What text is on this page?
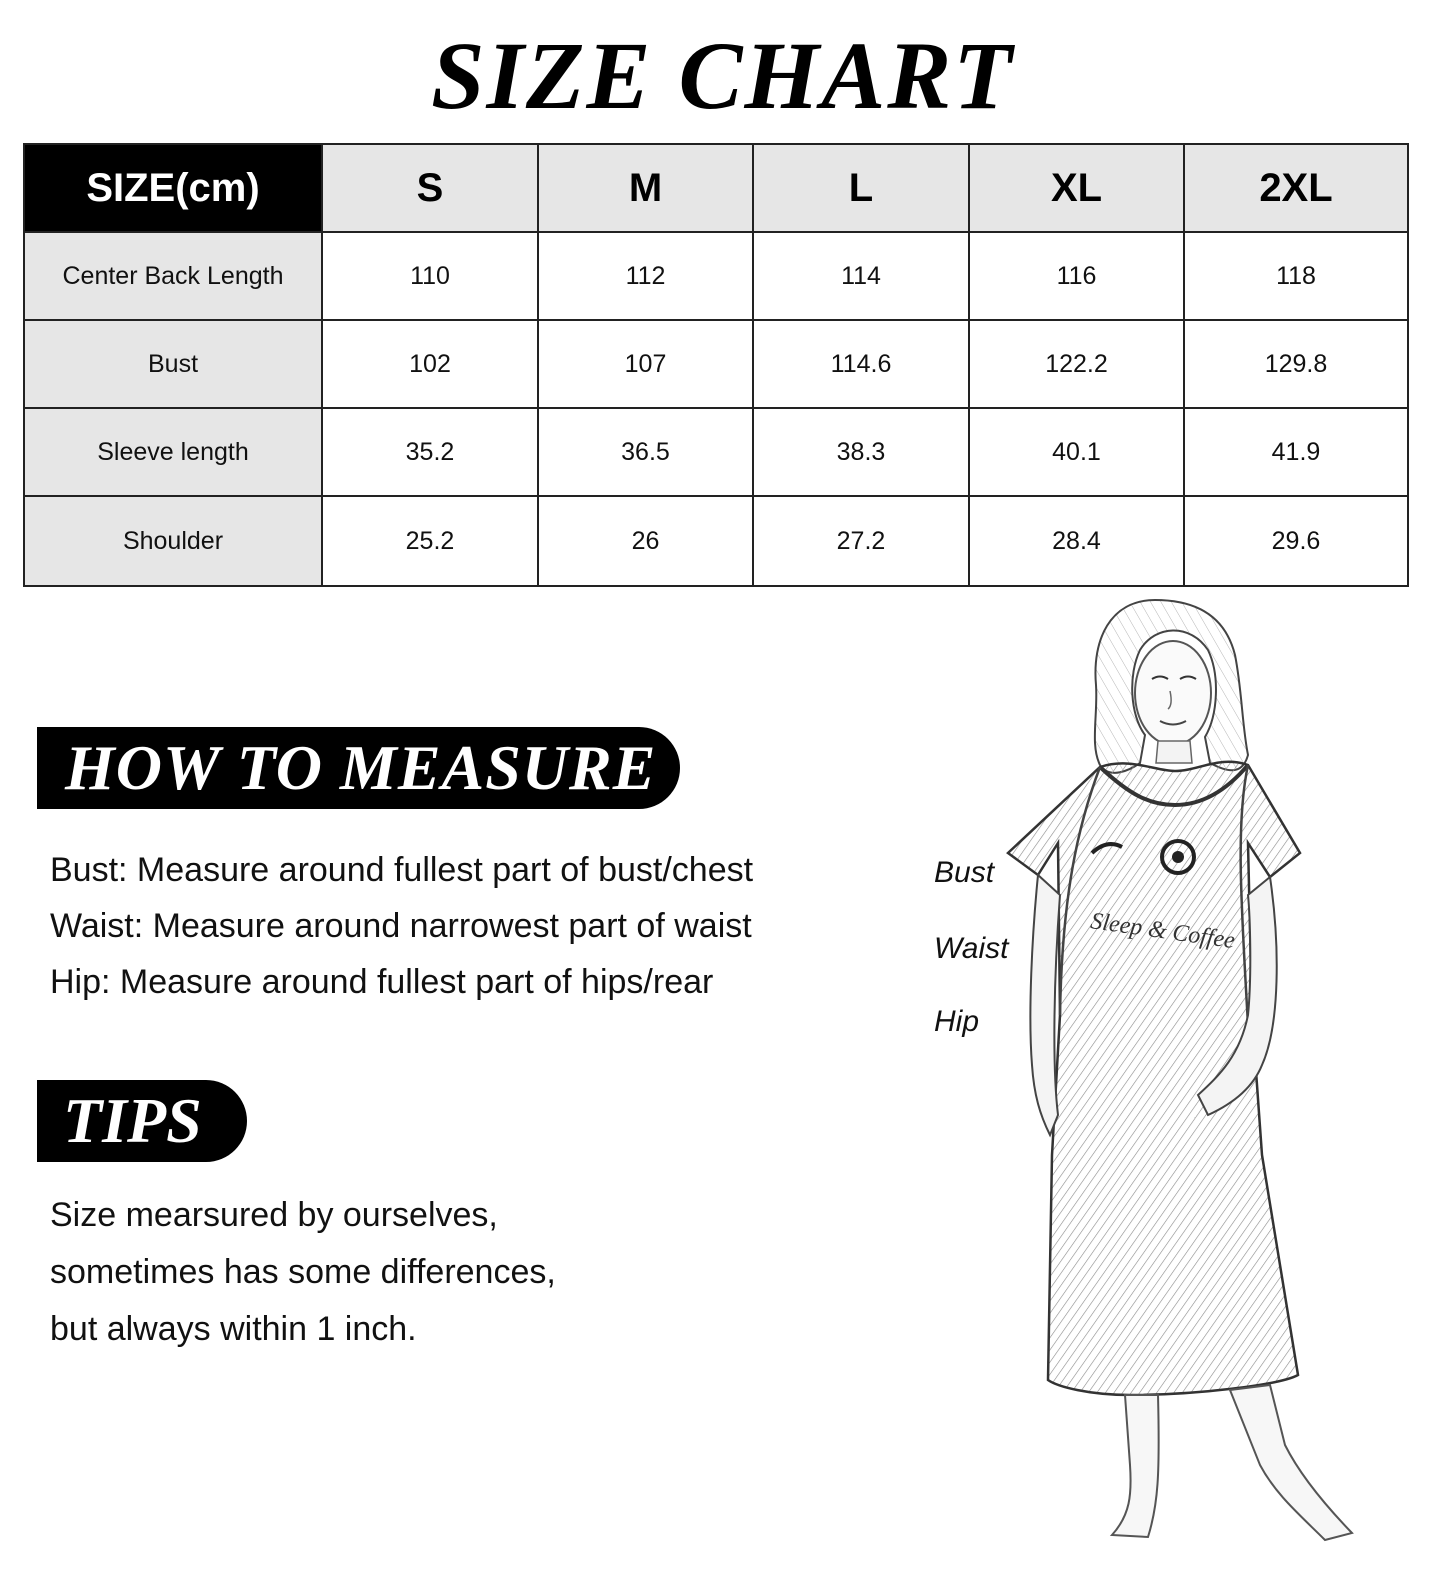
SIZE CHART
SIZE(cm)	S	M	L	XL	2XL
Center Back Length	110	112	114	116	118
Bust	102	107	114.6	122.2	129.8
Sleeve length	35.2	36.5	38.3	40.1	41.9
Shoulder	25.2	26	27.2	28.4	29.6
HOW TO MEASURE
Bust: Measure around fullest part of bust/chest
Waist: Measure around narrowest part of waist
Hip: Measure around fullest part of hips/rear
TIPS
Size mearsured by ourselves,
sometimes has some differences,
but always within 1 inch.
Bust
Waist
Hip
Sleep & Coffee
